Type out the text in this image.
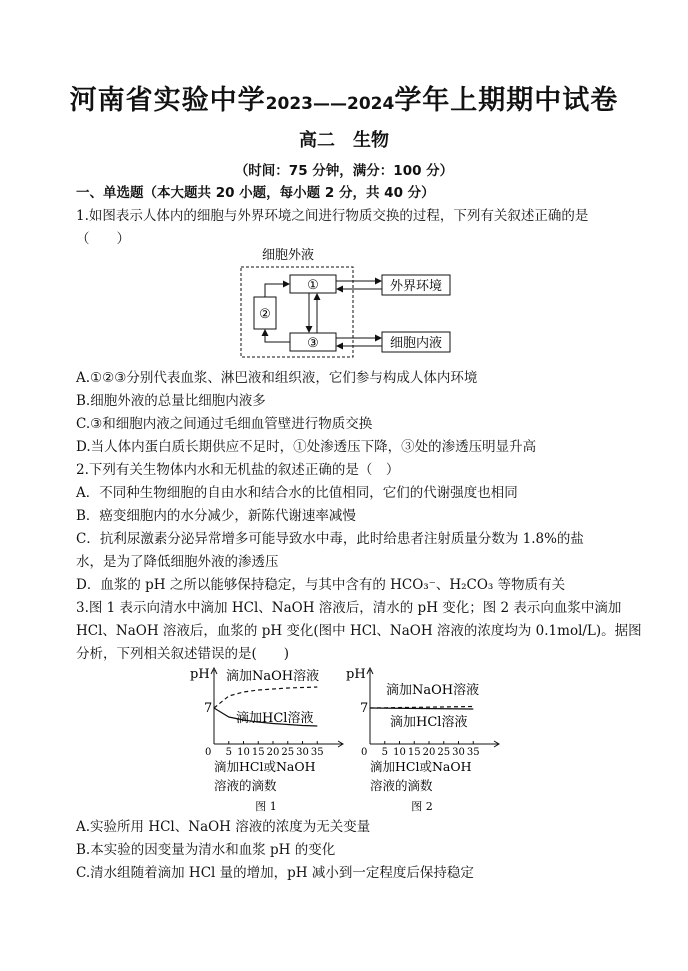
河南省实验中学2023——2024学年上期期中试卷
高二　生物
（时间：75 分钟，满分：100 分）
一、单选题（本大题共 20 小题，每小题 2 分，共 40 分）
1.如图表示人体内的细胞与外界环境之间进行物质交换的过程，下列有关叙述正确的是
（　　）
细胞外液
①
③
②
外界环境
细胞内液
A.①②③分别代表血浆、淋巴液和组织液，它们参与构成人体内环境
B.细胞外液的总量比细胞内液多
C.③和细胞内液之间通过毛细血管壁进行物质交换
D.当人体内蛋白质长期供应不足时，①处渗透压下降，③处的渗透压明显升高
2.下列有关生物体内水和无机盐的叙述正确的是（　）
A．不同种生物细胞的自由水和结合水的比值相同，它们的代谢强度也相同
B．癌变细胞内的水分减少，新陈代谢速率减慢
C．抗利尿激素分泌异常增多可能导致水中毒，此时给患者注射质量分数为 1.8%的盐
水，是为了降低细胞外液的渗透压
D．血浆的 pH 之所以能够保持稳定，与其中含有的 HCO₃⁻、H₂CO₃ 等物质有关
3.图 1 表示向清水中滴加 HCl、NaOH 溶液后，清水的 pH 变化；图 2 表示向血浆中滴加
HCl、NaOH 溶液后，血浆的 pH 变化(图中 HCl、NaOH 溶液的浓度均为 0.1mol/L)。据图
分析，下列相关叙述错误的是(　　)
pH
7
0 5 10 15 20 25 30 35
滴加NaOH溶液
滴加HCl溶液
滴加HCl或NaOH
溶液的滴数
图 1
pH
7
0 5 10 15 20 25 30 35
滴加NaOH溶液
滴加HCl溶液
滴加HCl或NaOH
溶液的滴数
图 2
A.实验所用 HCl、NaOH 溶液的浓度为无关变量
B.本实验的因变量为清水和血浆 pH 的变化
C.清水组随着滴加 HCl 量的增加，pH 减小到一定程度后保持稳定
